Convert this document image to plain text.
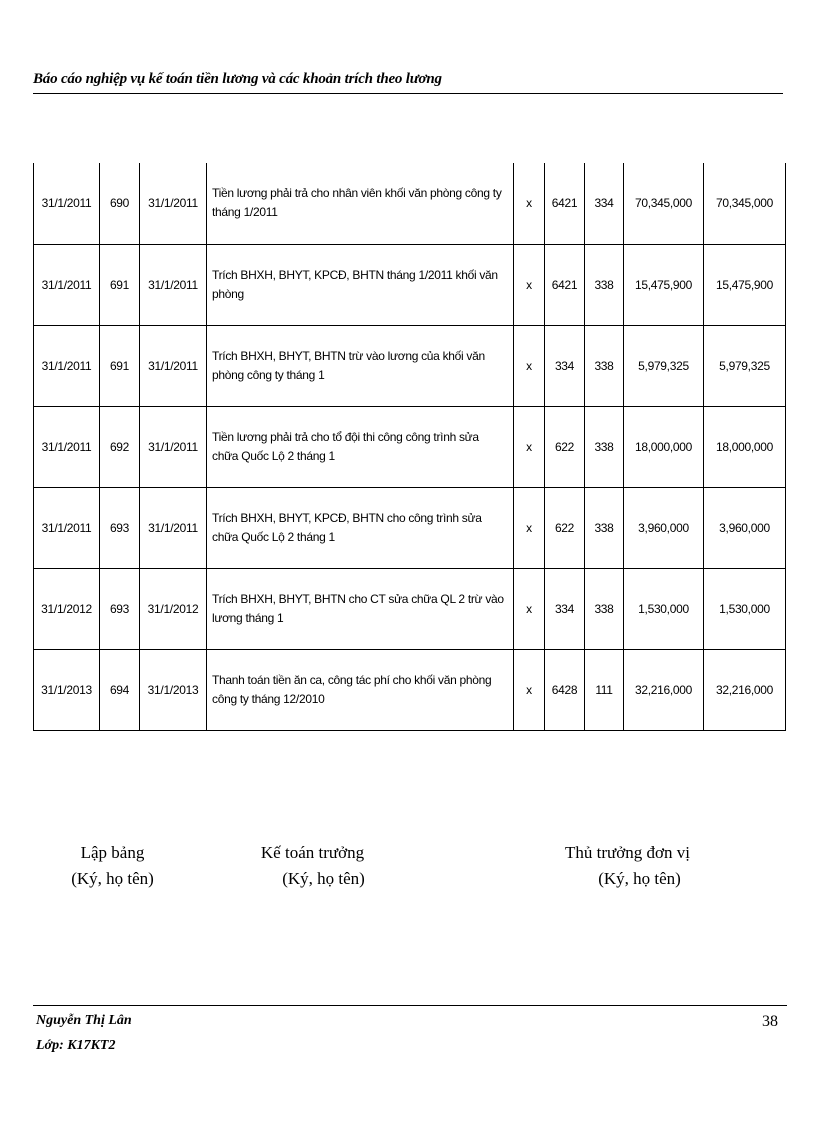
Báo cáo nghiệp vụ kế toán tiền lương và các khoản trích theo lương
31/1/2011	690	31/1/2011	Tiền lương phải trả cho nhân viên khối văn phòng công ty tháng 1/2011	x	6421	334	70,345,000	70,345,000
31/1/2011	691	31/1/2011	Trích BHXH, BHYT, KPCĐ, BHTN tháng 1/2011 khối văn phòng	x	6421	338	15,475,900	15,475,900
31/1/2011	691	31/1/2011	Trích BHXH, BHYT, BHTN trừ vào lương của khối văn phòng công ty tháng 1	x	334	338	5,979,325	5,979,325
31/1/2011	692	31/1/2011	Tiền lương phải trả cho tổ đội thi công công trình sửa chữa Quốc Lộ 2 tháng 1	x	622	338	18,000,000	18,000,000
31/1/2011	693	31/1/2011	Trích BHXH, BHYT, KPCĐ, BHTN cho công trình sửa chữa Quốc Lộ 2 tháng 1	x	622	338	3,960,000	3,960,000
31/1/2012	693	31/1/2012	Trích BHXH, BHYT, BHTN cho CT sửa chữa QL 2 trừ vào lương tháng 1	x	334	338	1,530,000	1,530,000
31/1/2013	694	31/1/2013	Thanh toán tiền ăn ca, công tác phí cho khối văn phòng công ty tháng 12/2010	x	6428	111	32,216,000	32,216,000
Lập bảng
(Ký, họ tên)
Kế toán trưởng
(Ký, họ tên)
Thủ trưởng đơn vị
(Ký, họ tên)
Nguyễn Thị Lân
Lớp: K17KT2
38
